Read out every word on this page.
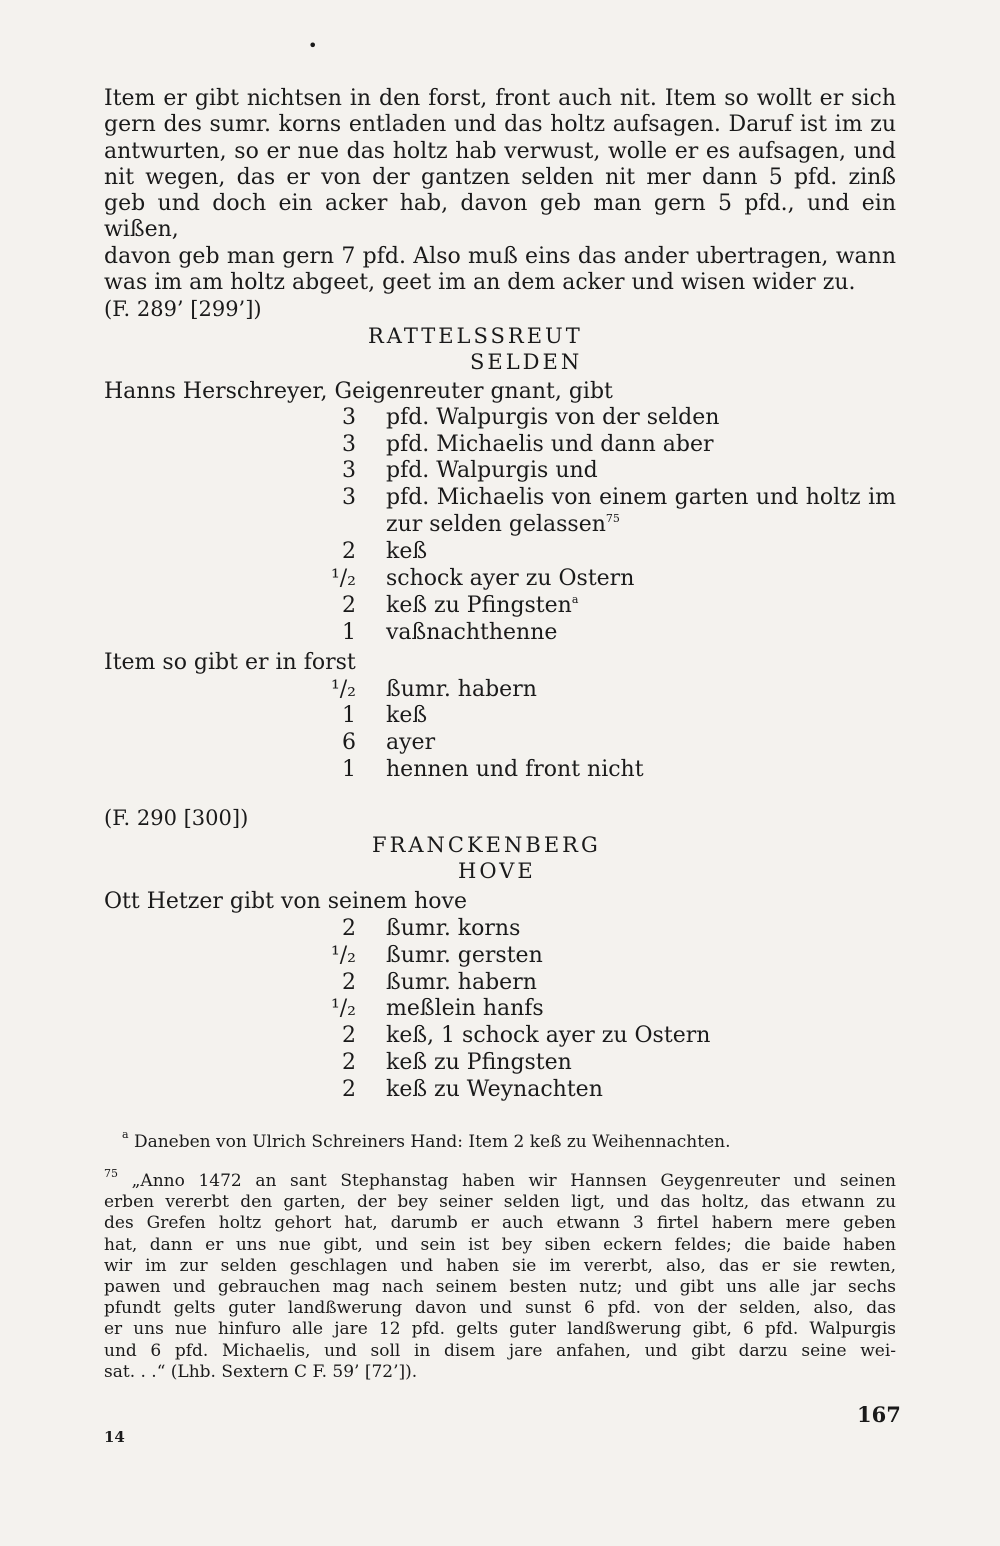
•
Item er gibt nichtsen in den forst, front auch nit. Item so wollt er sich
gern des sumr. korns entladen und das holtz aufsagen. Daruf ist im zu
antwurten, so er nue das holtz hab verwust, wolle er es aufsagen, und
nit wegen, das er von der gantzen selden nit mer dann 5 pfd. zinß
geb und doch ein acker hab, davon geb man gern 5 pfd., und ein wißen,
davon geb man gern 7 pfd. Also muß eins das ander ubertragen, wann
was im am holtz abgeet, geet im an dem acker und wisen wider zu.
(F. 289’ [299’])
RATTELSSREUT
SELDEN
Hanns Herschreyer, Geigenreuter gnant, gibt
3 pfd. Walpurgis von der selden
3 pfd. Michaelis und dann aber
3 pfd. Walpurgis und
3 pfd. Michaelis von einem garten und holtz im
zur selden gelassen$^{75}$
2 keß
¹/₂ schock ayer zu Ostern
2 keß zu Pfingsten$^a$
1 vaßnachthenne
Item so gibt er in forst
¹/₂ ßumr. habern
1 keß
6 ayer
1 hennen und front nicht
(F. 290 [300])
FRANCKENBERG
HOVE
Ott Hetzer gibt von seinem hove
2 ßumr. korns
¹/₂ ßumr. gersten
2 ßumr. habern
¹/₂ meßlein hanfs
2 keß, 1 schock ayer zu Ostern
2 keß zu Pfingsten
2 keß zu Weynachten
$^a$ Daneben von Ulrich Schreiners Hand: Item 2 keß zu Weihennachten.
$^{75}$ „Anno 1472 an sant Stephanstag haben wir Hannsen Geygenreuter und seinen
erben vererbt den garten, der bey seiner selden ligt, und das holtz, das etwann zu
des Grefen holtz gehort hat, darumb er auch etwann 3 firtel habern mere geben
hat, dann er uns nue gibt, und sein ist bey siben eckern feldes; die baide haben
wir im zur selden geschlagen und haben sie im vererbt, also, das er sie rewten,
pawen und gebrauchen mag nach seinem besten nutz; und gibt uns alle jar sechs
pfundt gelts guter landßwerung davon und sunst 6 pfd. von der selden, also, das
er uns nue hinfuro alle jare 12 pfd. gelts guter landßwerung gibt, 6 pfd. Walpurgis
und 6 pfd. Michaelis, und soll in disem jare anfahen, und gibt darzu seine wei-
sat. . .“ (Lhb. Sextern C F. 59’ [72’]).
14
167
